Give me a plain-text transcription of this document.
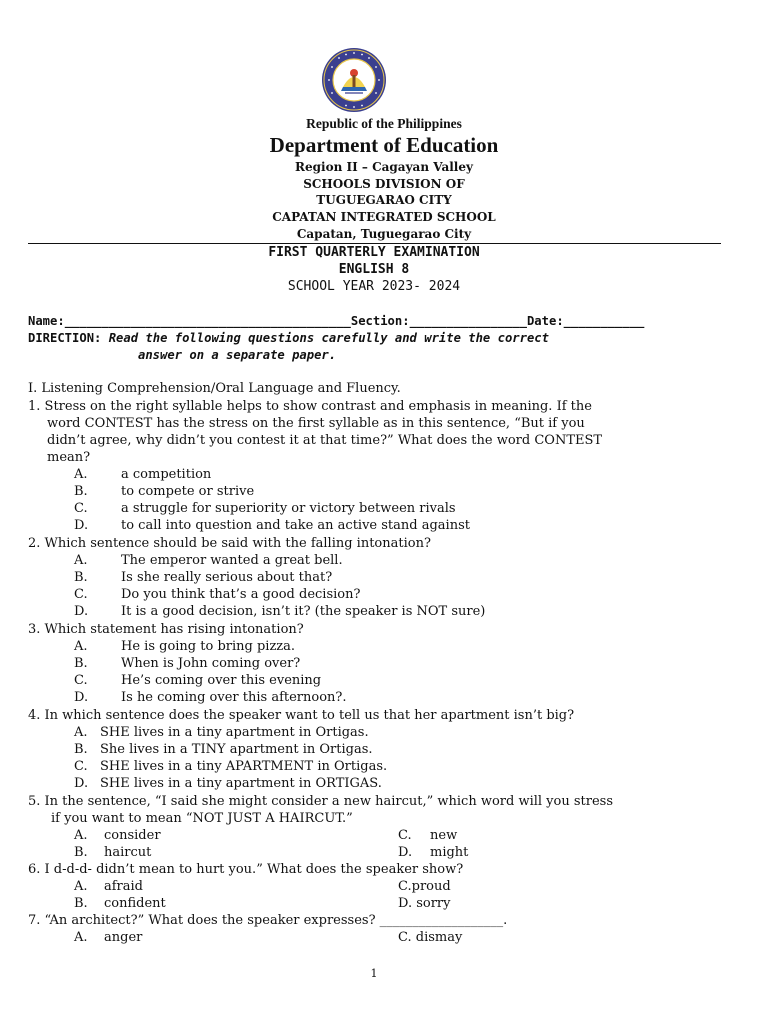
Republic of the Philippines
Department of Education
Region II – Cagayan Valley
SCHOOLS DIVISION OF
TUGUEGARAO CITY
CAPATAN INTEGRATED SCHOOL
Capatan, Tuguegarao City
FIRST QUARTERLY EXAMINATION
ENGLISH 8
SCHOOL YEAR 2023- 2024
Name:_______________________________________Section:________________Date:___________
DIRECTION: Read the following questions carefully and write the correct
answer on a separate paper.
I. Listening Comprehension/Oral Language and Fluency.
1. Stress on the right syllable helps to show contrast and emphasis in meaning. If the
word CONTEST has the stress on the first syllable as in this sentence, “But if you
didn’t agree, why didn’t you contest it at that time?” What does the word CONTEST
mean?
A.	a competition
B.	to compete or strive
C.	a struggle for superiority or victory between rivals
D.	to call into question and take an active stand against
2. Which sentence should be said with the falling intonation?
A.	The emperor wanted a great bell.
B.	Is she really serious about that?
C.	Do you think that’s a good decision?
D.	It is a good decision, isn’t it? (the speaker is NOT sure)
3. Which statement has rising intonation?
A.	He is going to bring pizza.
B.	When is John coming over?
C.	He’s coming over this evening
D.	Is he coming over this afternoon?.
4. In which sentence does the speaker want to tell us that her apartment isn’t big?
A. SHE lives in a tiny apartment in Ortigas.
B. She lives in a TINY apartment in Ortigas.
C. SHE lives in a tiny APARTMENT in Ortigas.
D. SHE lives in a tiny apartment in ORTIGAS.
5. In the sentence, “I said she might consider a new haircut,” which word will you stress
if you want to mean “NOT JUST A HAIRCUT.”
A. consider	C. new
B. haircut	D. might
6. I d-d-d- didn’t mean to hurt you.” What does the speaker show?
A. afraid	C.proud
B. confident	D. sorry
7. “An architect?” What does the speaker expresses? ___________________.
A. anger	C. dismay
1
